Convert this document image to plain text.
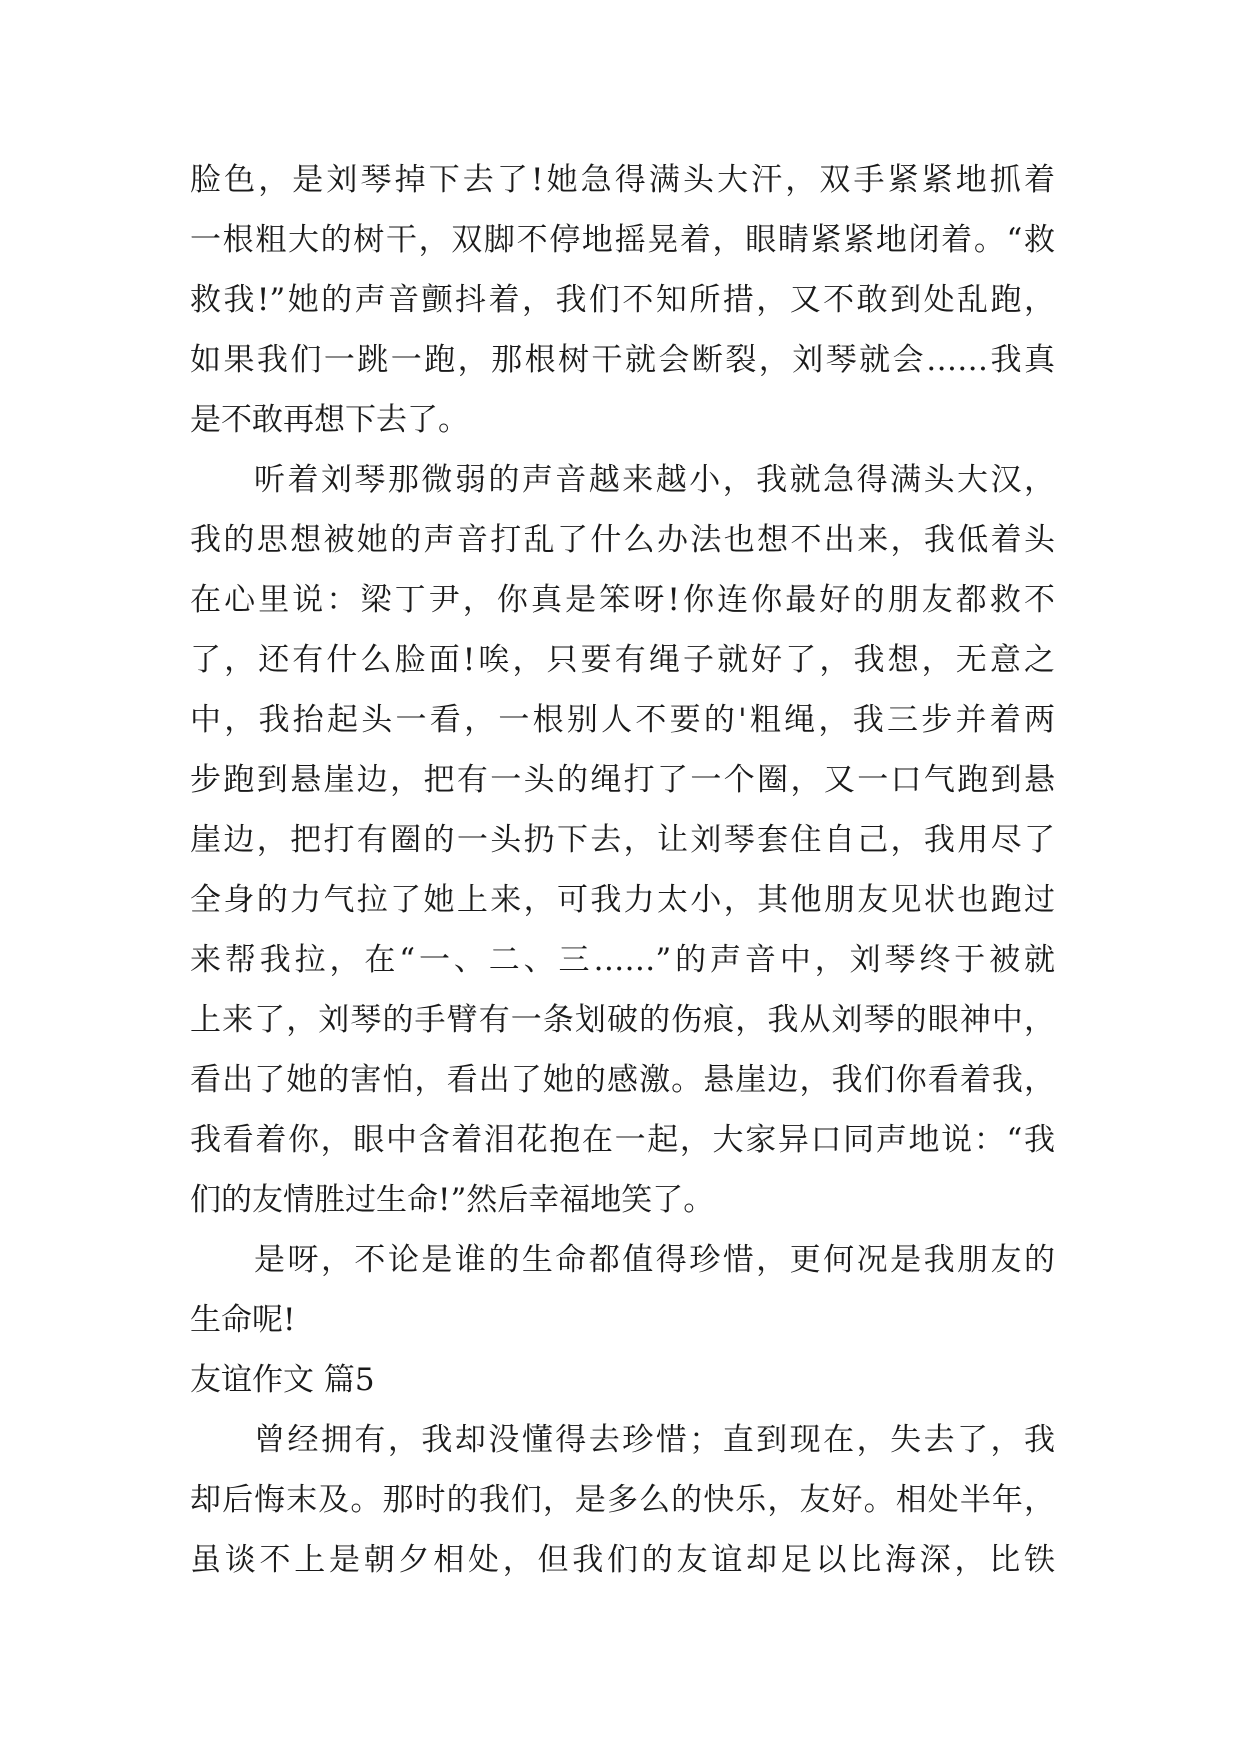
脸色，是刘琴掉下去了!她急得满头大汗，双手紧紧地抓着
一根粗大的树干，双脚不停地摇晃着，眼睛紧紧地闭着。“救
救我!”她的声音颤抖着，我们不知所措，又不敢到处乱跑，
如果我们一跳一跑，那根树干就会断裂，刘琴就会……我真
是不敢再想下去了。
听着刘琴那微弱的声音越来越小，我就急得满头大汉，
我的思想被她的声音打乱了什么办法也想不出来，我低着头
在心里说：梁丁尹，你真是笨呀!你连你最好的朋友都救不
了，还有什么脸面!唉，只要有绳子就好了，我想，无意之
中，我抬起头一看，一根别人不要的'粗绳，我三步并着两
步跑到悬崖边，把有一头的绳打了一个圈，又一口气跑到悬
崖边，把打有圈的一头扔下去，让刘琴套住自己，我用尽了
全身的力气拉了她上来，可我力太小，其他朋友见状也跑过
来帮我拉，在“一、二、三……”的声音中，刘琴终于被就
上来了，刘琴的手臂有一条划破的伤痕，我从刘琴的眼神中，
看出了她的害怕，看出了她的感激。悬崖边，我们你看着我，
我看着你，眼中含着泪花抱在一起，大家异口同声地说：“我
们的友情胜过生命!”然后幸福地笑了。
是呀，不论是谁的生命都值得珍惜，更何况是我朋友的
生命呢!
友谊作文 篇5
曾经拥有，我却没懂得去珍惜；直到现在，失去了，我
却后悔末及。那时的我们，是多么的快乐，友好。相处半年，
虽谈不上是朝夕相处，但我们的友谊却足以比海深，比铁
